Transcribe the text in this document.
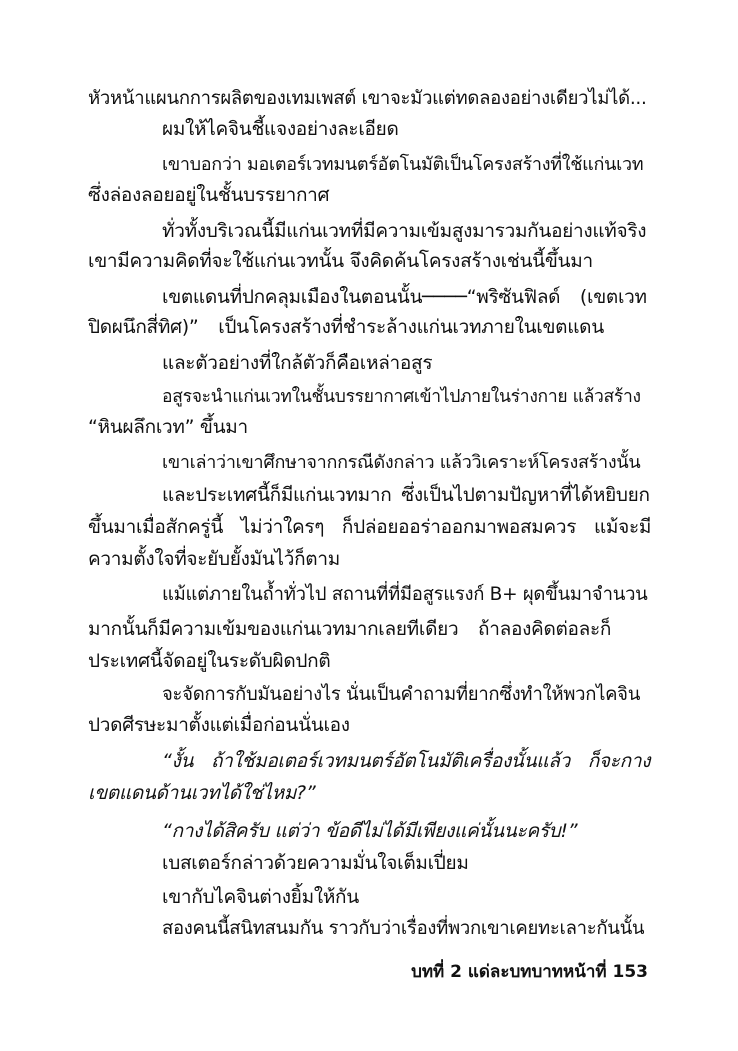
หัวหน้าแผนกการผลิตของเทมเพสต์ เขาจะมัวแต่ทดลองอย่างเดียวไม่ได้...
ผมให้ไคจินชี้แจงอย่างละเอียด
เขาบอกว่า มอเตอร์เวทมนตร์อัตโนมัติเป็นโครงสร้างที่ใช้แก่นเวท
ซึ่งล่องลอยอยู่ในชั้นบรรยากาศ
ทั่วทั้งบริเวณนี้มีแก่นเวทที่มีความเข้มสูงมารวมกันอย่างแท้จริง
เขามีความคิดที่จะใช้แก่นเวทนั้น จึงคิดค้นโครงสร้างเช่นนี้ขึ้นมา
เขตแดนที่ปกคลุมเมืองในตอนนั้น────“พริซันฟิลด์ (เขตเวท
ปิดผนึกสี่ทิศ)” เป็นโครงสร้างที่ชำระล้างแก่นเวทภายในเขตแดน
และตัวอย่างที่ใกล้ตัวก็คือเหล่าอสูร
อสูรจะนำแก่นเวทในชั้นบรรยากาศเข้าไปภายในร่างกาย แล้วสร้าง
“หินผลึกเวท” ขึ้นมา
เขาเล่าว่าเขาศึกษาจากกรณีดังกล่าว แล้ววิเคราะห์โครงสร้างนั้น
และประเทศนี้ก็มีแก่นเวทมาก ซึ่งเป็นไปตามปัญหาที่ได้หยิบยก
ขึ้นมาเมื่อสักครู่นี้ ไม่ว่าใครๆ ก็ปล่อยออร่าออกมาพอสมควร แม้จะมี
ความตั้งใจที่จะยับยั้งมันไว้ก็ตาม
แม้แต่ภายในถ้ำทั่วไป สถานที่ที่มีอสูรแรงก์ B+ ผุดขึ้นมาจำนวน
มากนั้นก็มีความเข้มของแก่นเวทมากเลยทีเดียว ถ้าลองคิดต่อละก็
ประเทศนี้จัดอยู่ในระดับผิดปกติ
จะจัดการกับมันอย่างไร นั่นเป็นคำถามที่ยากซึ่งทำให้พวกไคจิน
ปวดศีรษะมาตั้งแต่เมื่อก่อนนั่นเอง
“งั้น ถ้าใช้มอเตอร์เวทมนตร์อัตโนมัติเครื่องนั้นแล้ว ก็จะกาง
เขตแดนด้านเวทได้ใช่ไหม?”
“กางได้สิครับ แต่ว่า ข้อดีไม่ได้มีเพียงแค่นั้นนะครับ!”
เบสเตอร์กล่าวด้วยความมั่นใจเต็มเปี่ยม
เขากับไคจินต่างยิ้มให้กัน
สองคนนี้สนิทสนมกัน ราวกับว่าเรื่องที่พวกเขาเคยทะเลาะกันนั้น
บทที่ 2 แด่ละบทบาทหน้าที่ 153
